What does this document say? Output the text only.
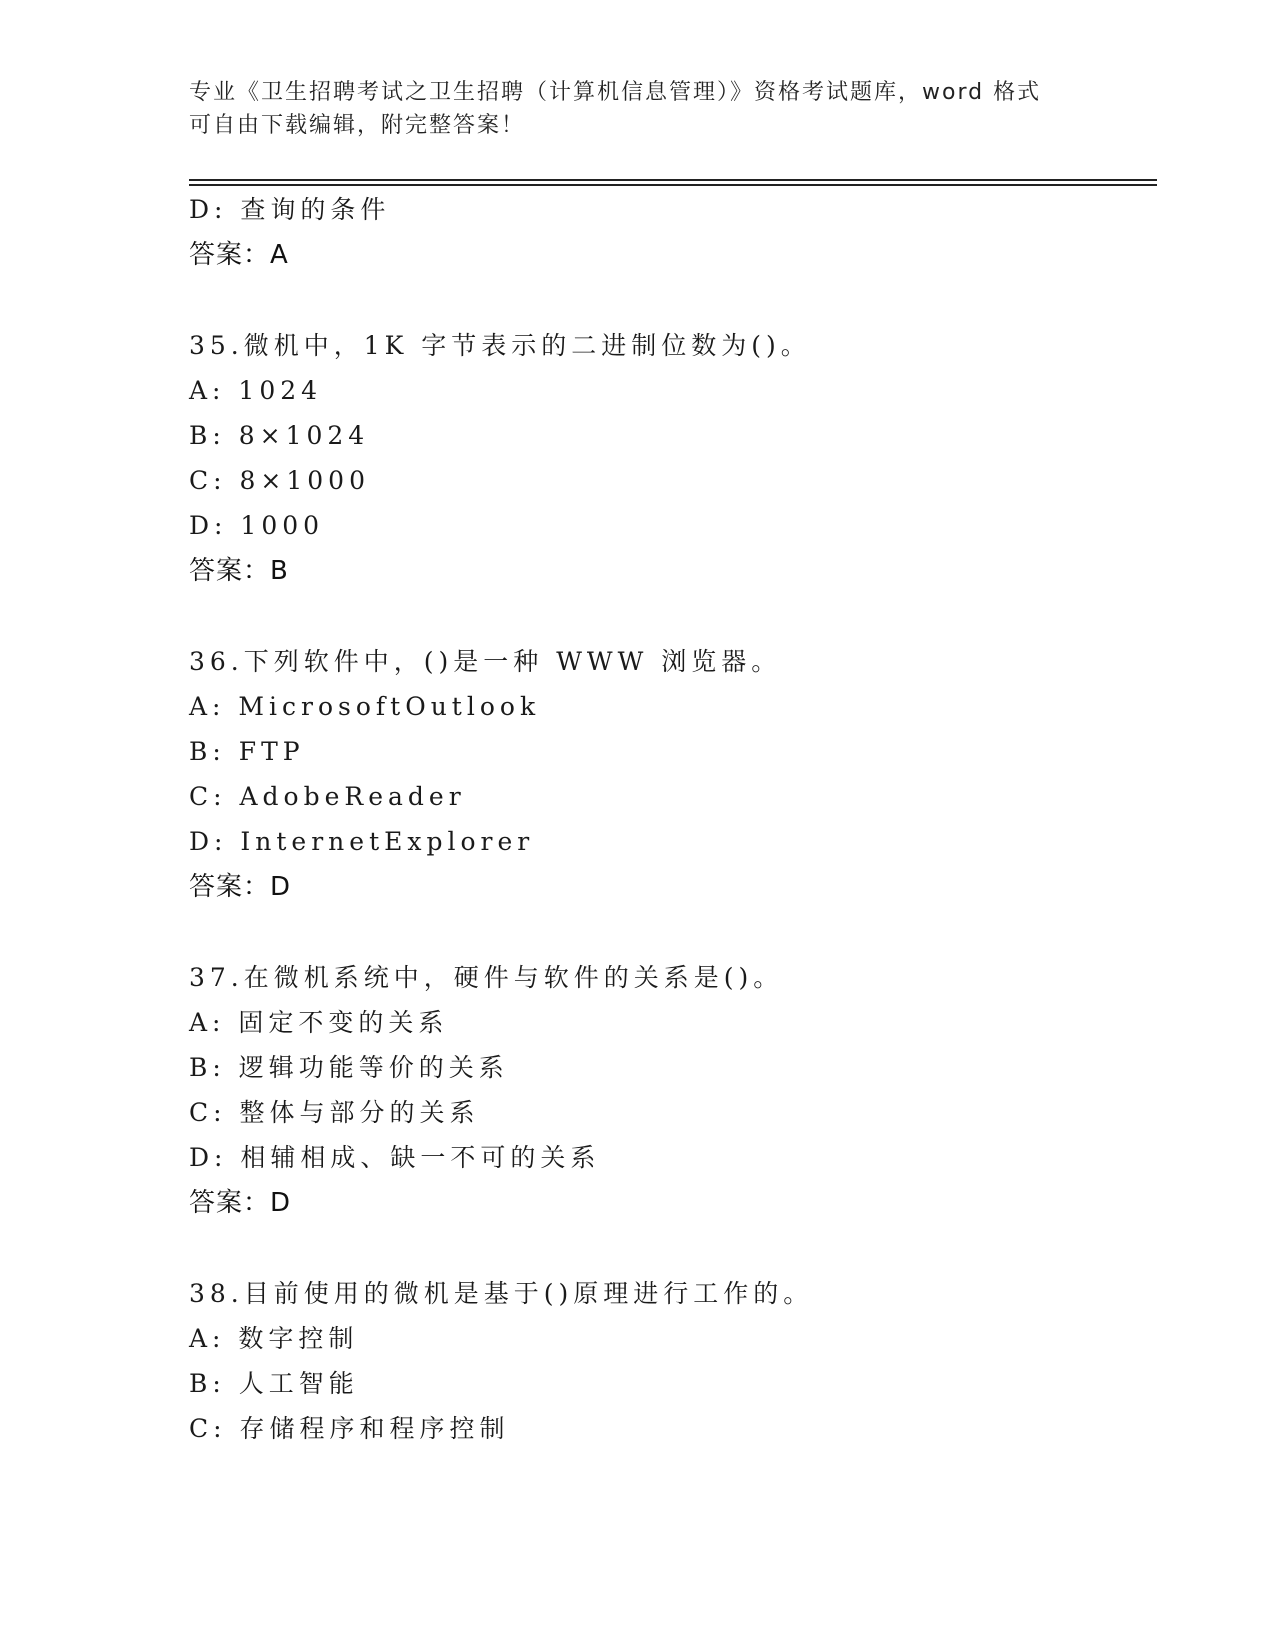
专业《卫生招聘考试之卫生招聘（计算机信息管理）》资格考试题库，word 格式
可自由下载编辑，附完整答案！
D: 查询的条件
答案：A
35.微机中，1K 字节表示的二进制位数为()。
A: 1024
B: 8×1024
C: 8×1000
D: 1000
答案：B
36.下列软件中，()是一种 WWW 浏览器。
A: MicrosoftOutlook
B: FTP
C: AdobeReader
D: InternetExplorer
答案：D
37.在微机系统中，硬件与软件的关系是()。
A: 固定不变的关系
B: 逻辑功能等价的关系
C: 整体与部分的关系
D: 相辅相成、缺一不可的关系
答案：D
38.目前使用的微机是基于()原理进行工作的。
A: 数字控制
B: 人工智能
C: 存储程序和程序控制
